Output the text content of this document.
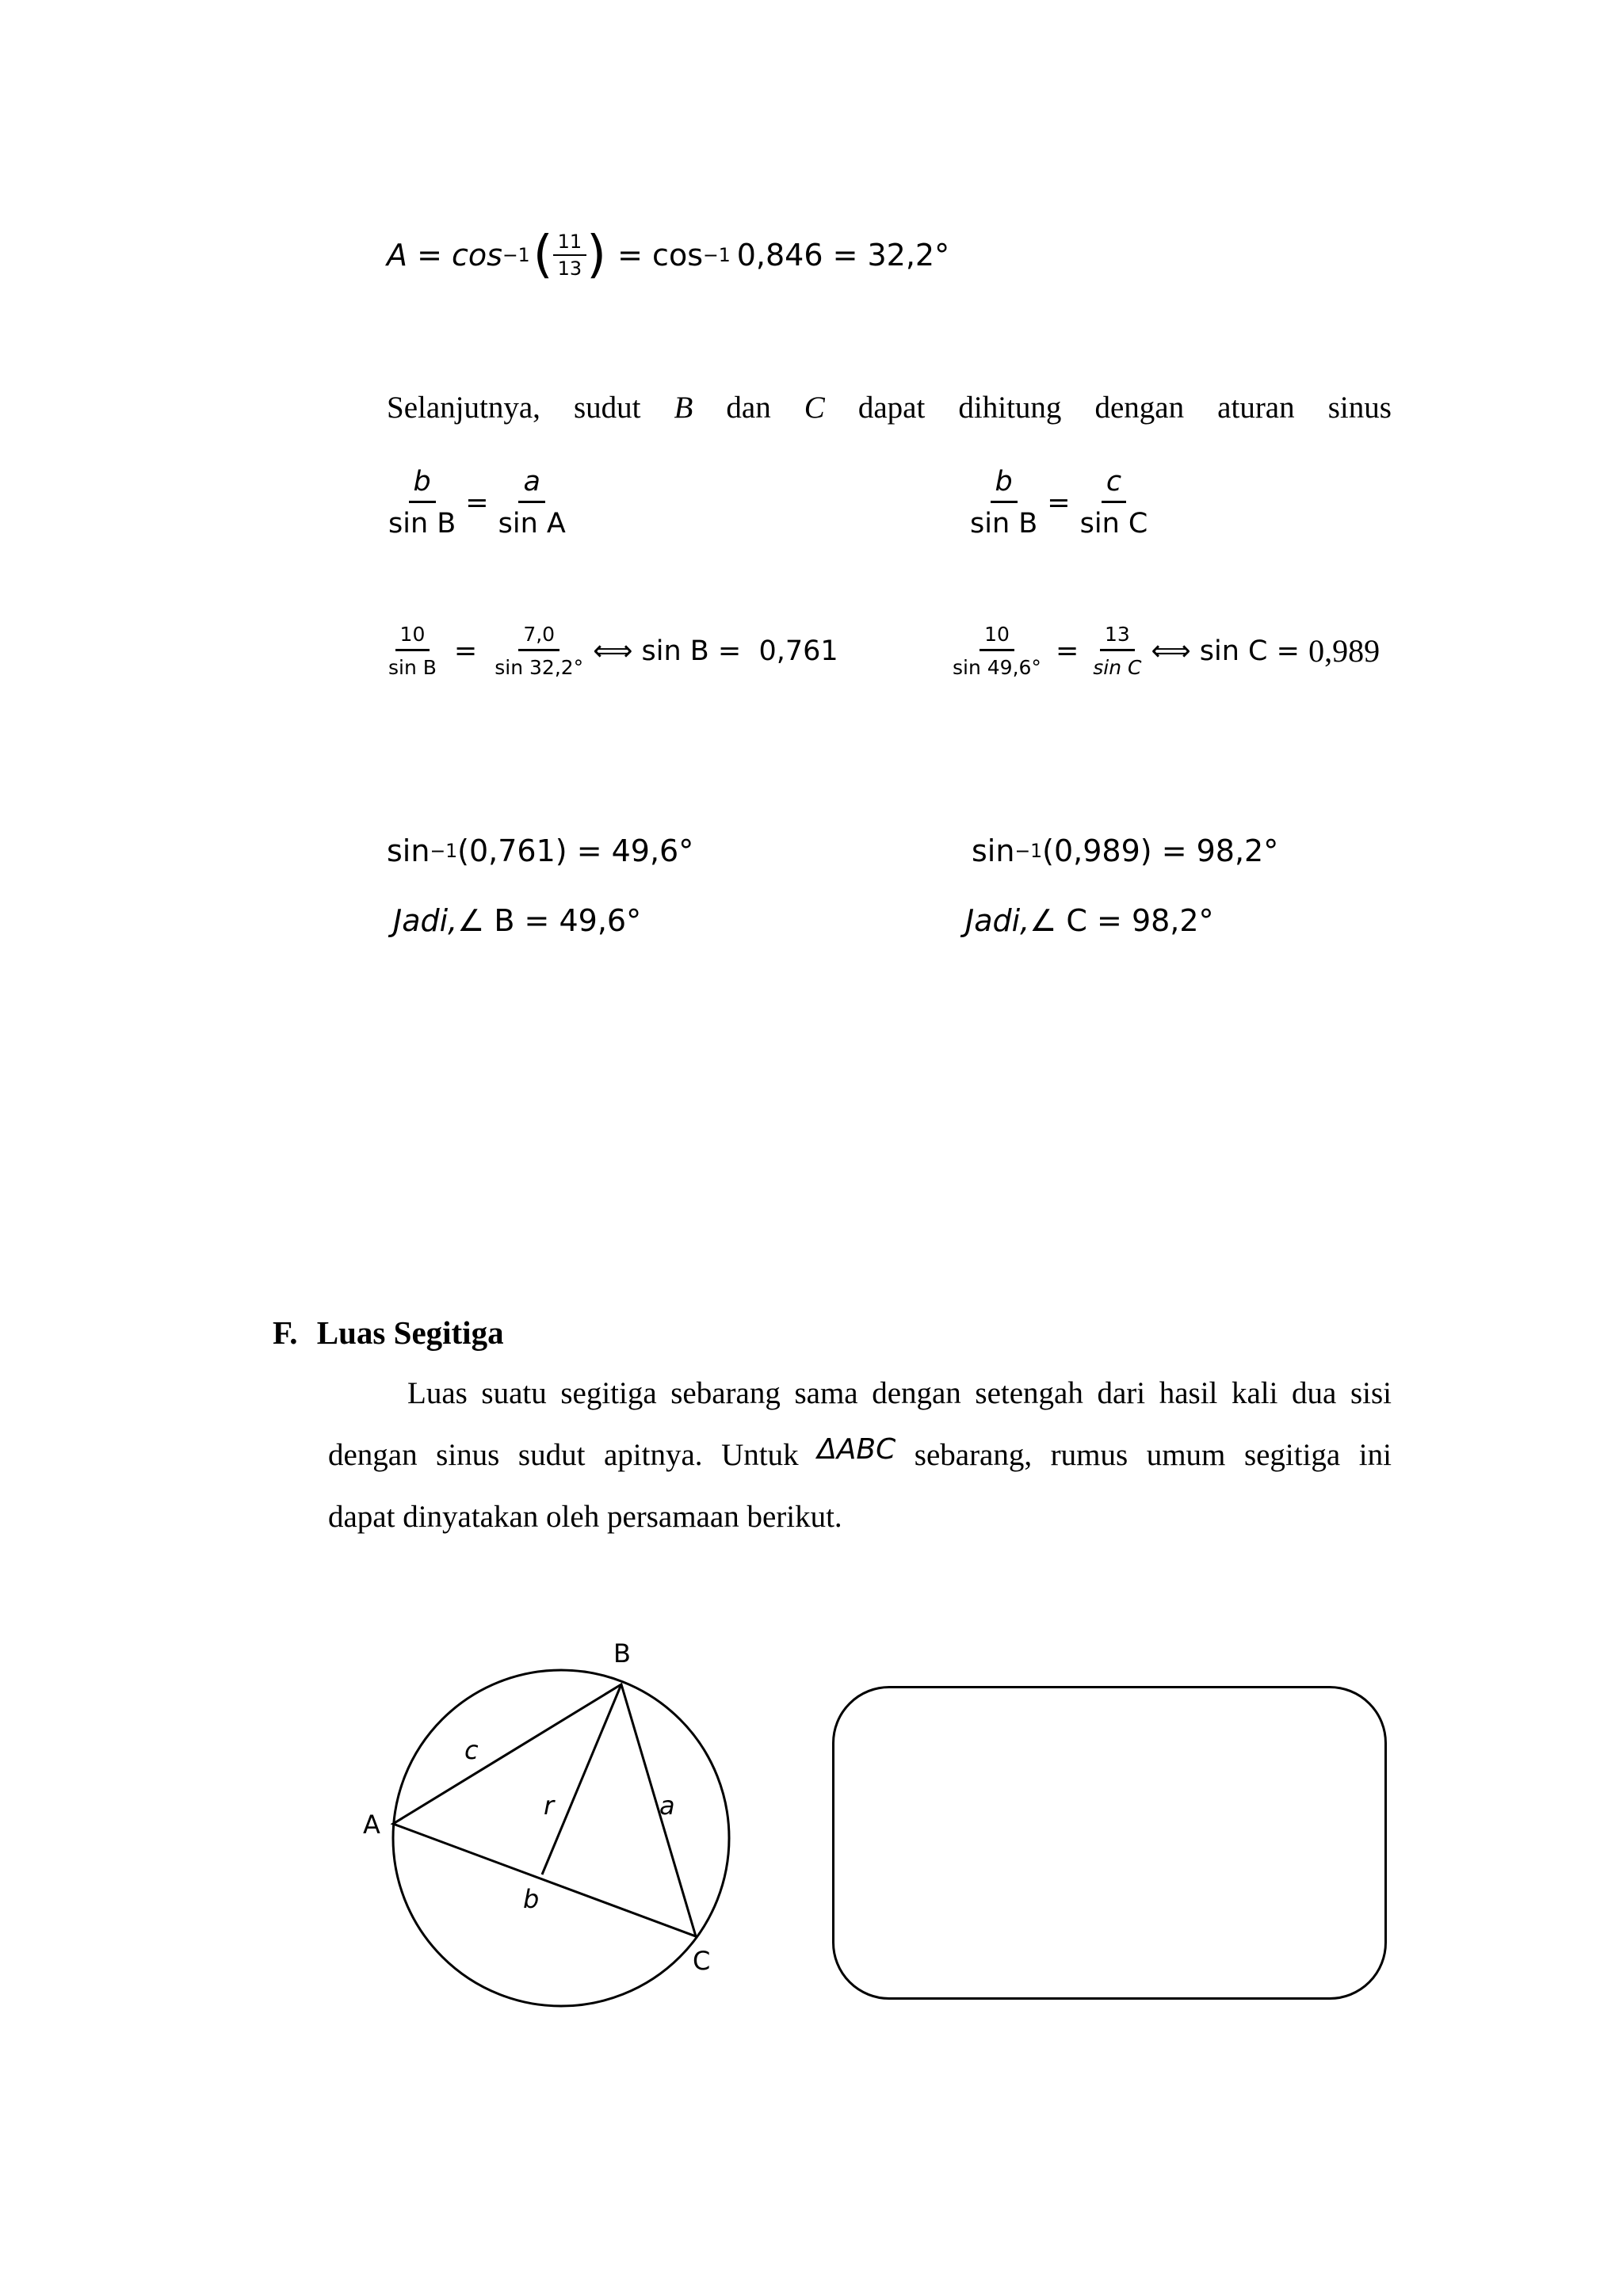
A = cos −1 ( $\frac{11}{13}$ ) = cos −1 0,846 = 32,2°
Selanjutnya, sudut B dan C dapat dihitung dengan aturan sinus
$\frac{b}{\text{sin B}} = \frac{a}{\text{sin A}}$	$\frac{b}{\text{sin B}} = \frac{c}{\text{sin C}}$
$\frac{10}{\text{sin B}} = \frac{7,0}{\sin 32,2^\circ}$ ⟺ sin B =  0,761	$\frac{10}{\sin 49,6^\circ} = \frac{13}{\text{sin C}}$ ⟺ sin C = 0,989
sin −1 (0,761) = 49,6°	sin −1 (0,989) = 98,2°
Jadi, ∠ B = 49,6°	Jadi, ∠ C = 98,2°
F. Luas Segitiga
Luas suatu segitiga sebarang sama dengan setengah dari hasil kali dua sisi
dengan sinus sudut apitnya. Untuk ΔABC sebarang, rumus umum segitiga ini
dapat dinyatakan oleh persamaan berikut.
B
A
C
c
a
b
r
